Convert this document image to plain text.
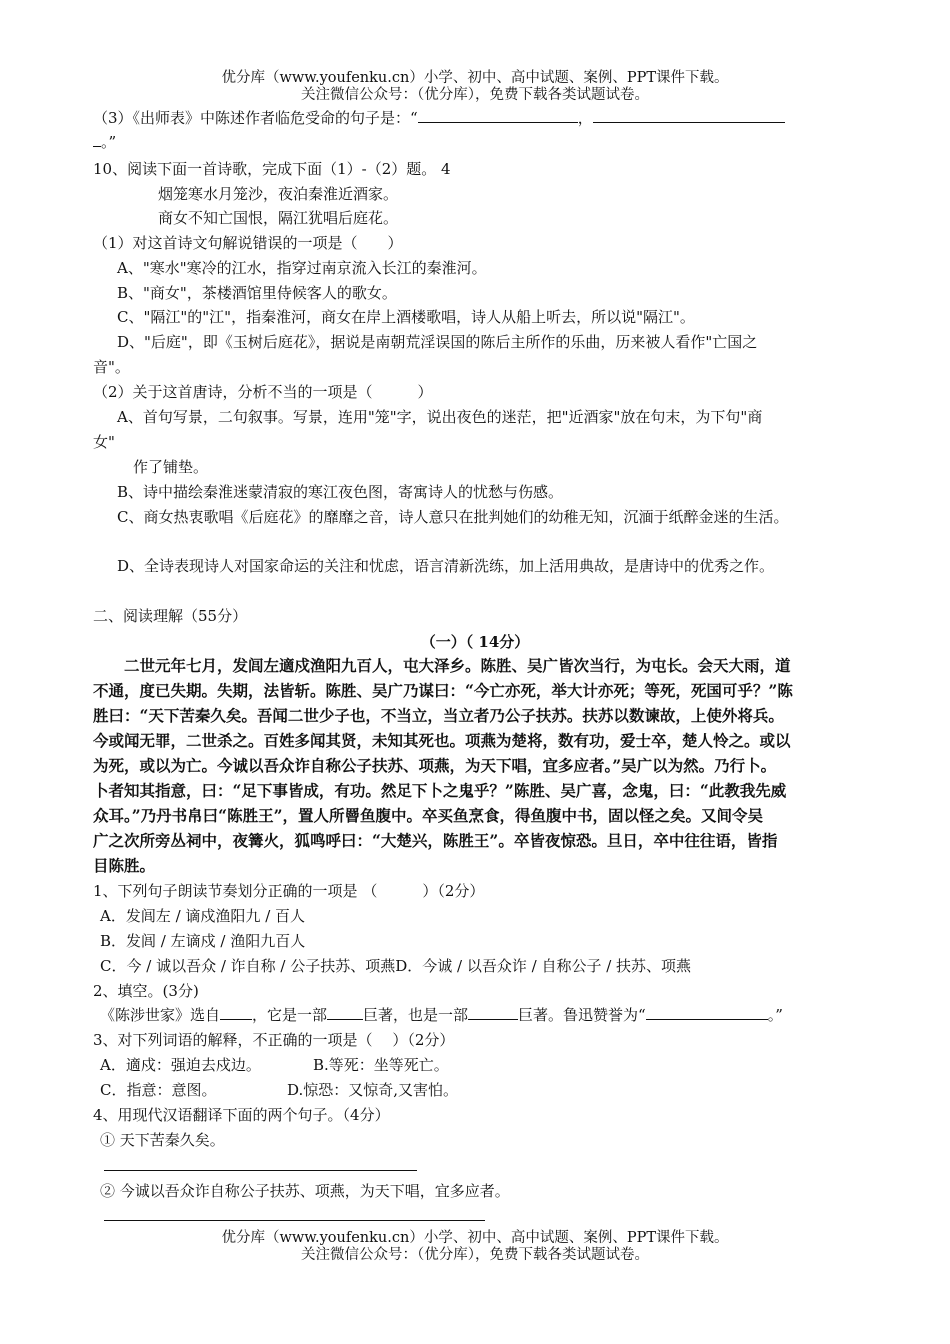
优分库（www.youfenku.cn）小学、初中、高中试题、案例、PPT课件下载。
关注微信公众号：（优分库），免费下载各类试题试卷。
（3）《出师表》中陈述作者临危受命的句子是：“	，
。”
10、阅读下面一首诗歌，完成下面（1）-（2）题。 4
烟笼寒水月笼沙，夜泊秦淮近酒家。
商女不知亡国恨，隔江犹唱后庭花。
（1）对这首诗文句解说错误的一项是（　　）
A、"寒水"寒冷的江水，指穿过南京流入长江的秦淮河。
B、"商女"，茶楼酒馆里侍候客人的歌女。
C、"隔江"的"江"，指秦淮河，商女在岸上酒楼歌唱，诗人从船上听去，所以说"隔江"。
D、"后庭"，即《玉树后庭花》，据说是南朝荒淫误国的陈后主所作的乐曲，历来被人看作"亡国之
音"。
（2）关于这首唐诗，分析不当的一项是（　　　）
A、首句写景，二句叙事。写景，连用"笼"字，说出夜色的迷茫，把"近酒家"放在句末，为下句"商
女"
作了铺垫。
B、诗中描绘秦淮迷蒙清寂的寒江夜色图，寄寓诗人的忧愁与伤感。
C、商女热衷歌唱《后庭花》的靡靡之音，诗人意只在批判她们的幼稚无知，沉湎于纸醉金迷的生活。
D、全诗表现诗人对国家命运的关注和忧虑，语言清新洗练，加上活用典故，是唐诗中的优秀之作。
二、阅读理解（55分）
（一）（ 14分）
　　二世元年七月，发闾左適戍渔阳九百人，屯大泽乡。陈胜、吴广皆次当行，为屯长。会天大雨，道
不通，度已失期。失期，法皆斩。陈胜、吴广乃谋曰：“今亡亦死，举大计亦死；等死，死国可乎？”陈
胜曰：“天下苦秦久矣。吾闻二世少子也，不当立，当立者乃公子扶苏。扶苏以数谏故，上使外将兵。
今或闻无罪，二世杀之。百姓多闻其贤，未知其死也。项燕为楚将，数有功，爱士卒，楚人怜之。或以
为死，或以为亡。今诚以吾众诈自称公子扶苏、项燕，为天下唱，宜多应者。”吴广以为然。乃行卜。
卜者知其指意，曰：“足下事皆成，有功。然足下卜之鬼乎？”陈胜、吴广喜，念鬼，曰：“此教我先威
众耳。”乃丹书帛曰“陈胜王”，置人所罾鱼腹中。卒买鱼烹食，得鱼腹中书，固以怪之矣。又间令吴
广之次所旁丛祠中，夜篝火，狐鸣呼曰：“大楚兴，陈胜王”。卒皆夜惊恐。旦日，卒中往往语，皆指
目陈胜。
1、下列句子朗读节奏划分正确的一项是 （　　　）（2分）
A．发闾左 / 谪戍渔阳九 / 百人
B．发闾 / 左谪戍 / 渔阳九百人
C．今 / 诚以吾众 / 诈自称 / 公子扶苏、项燕D．今诚 / 以吾众诈 / 自称公子 / 扶苏、项燕
2、填空。(3分)
《陈涉世家》选自 ，它是一部 巨著，也是一部	巨著。鲁迅赞誉为“	。”
3、对下列词语的解释，不正确的一项是（　 ）（2分）
A．適戍：强迫去戍边。	B.等死：坐等死亡。
C．指意：意图。	D.惊恐：又惊奇,又害怕。
4、用现代汉语翻译下面的两个句子。（4分）
① 天下苦秦久矣。
② 今诚以吾众诈自称公子扶苏、项燕，为天下唱，宜多应者。
优分库（www.youfenku.cn）小学、初中、高中试题、案例、PPT课件下载。
关注微信公众号：（优分库），免费下载各类试题试卷。
